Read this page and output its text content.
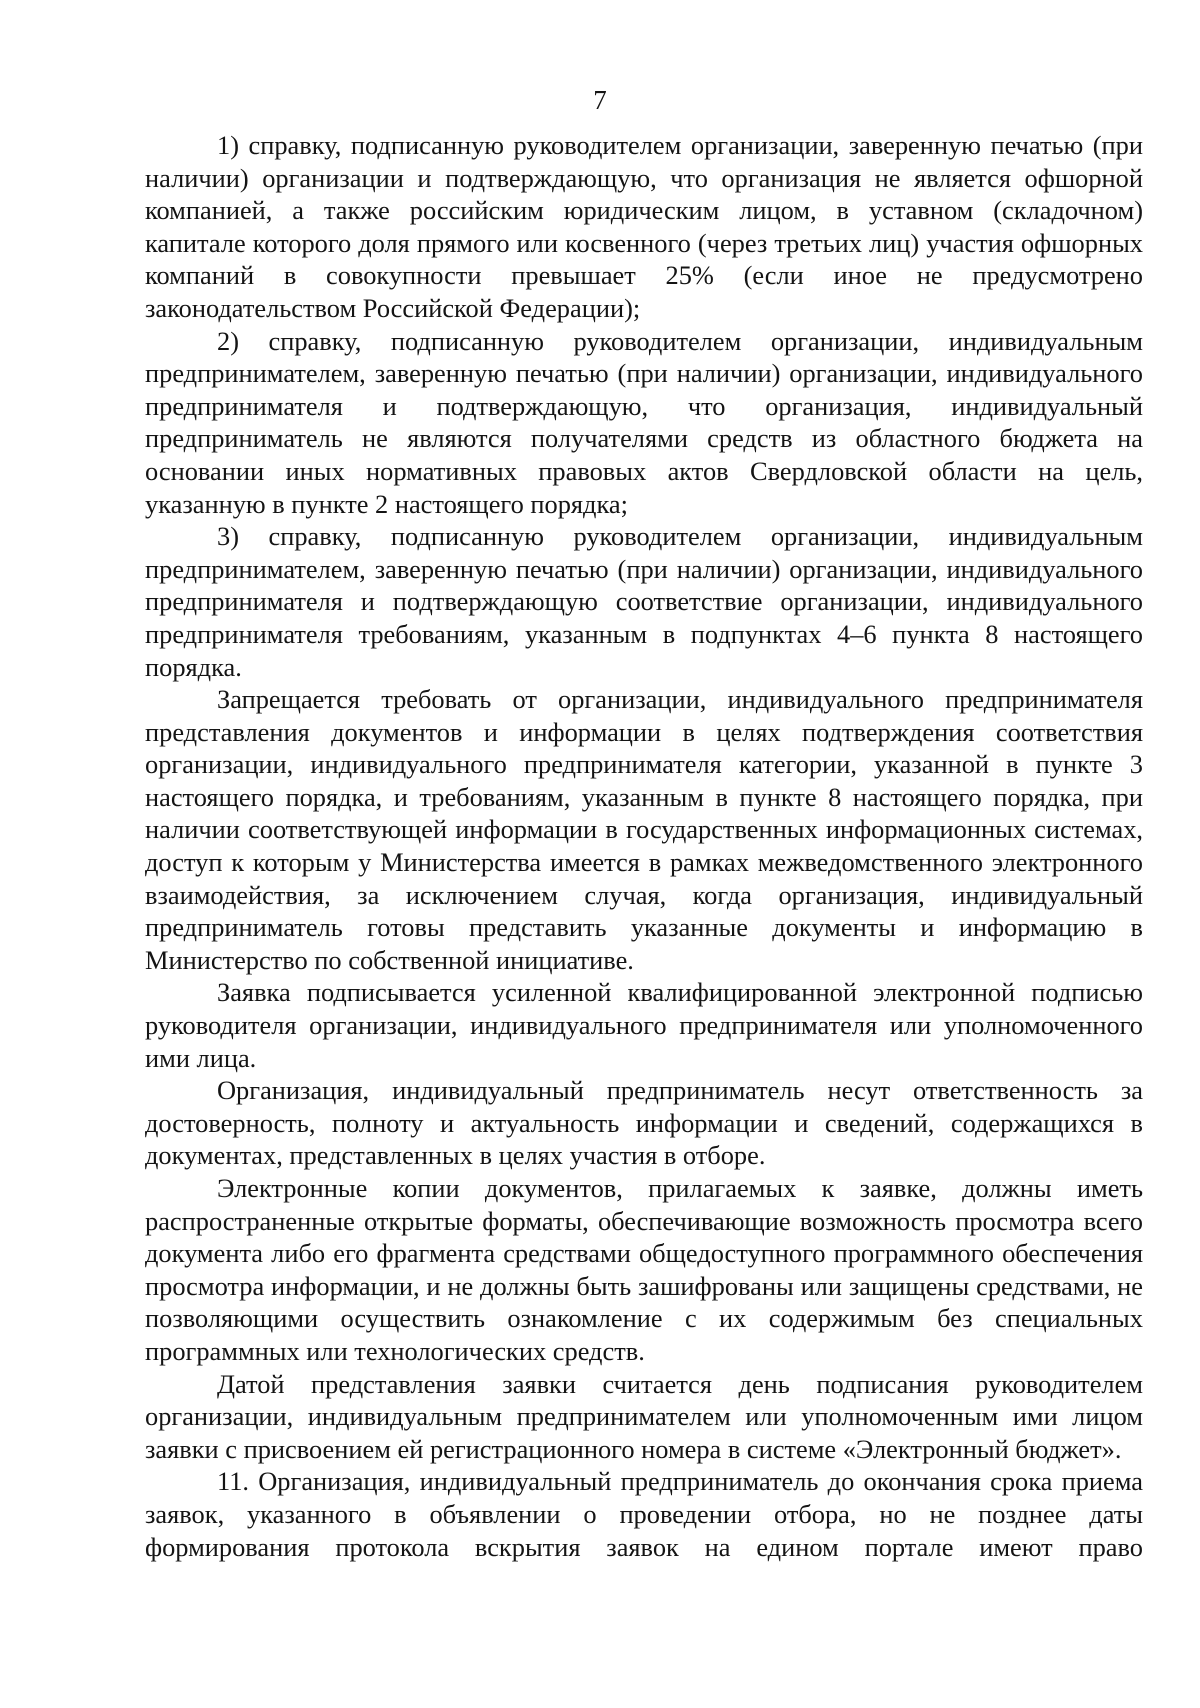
7

1) справку, подписанную руководителем организации, заверенную печатью (при наличии) организации и подтверждающую, что организация не является офшорной компанией, а также российским юридическим лицом, в уставном (складочном) капитале которого доля прямого или косвенного (через третьих лиц) участия офшорных компаний в совокупности превышает 25% (если иное не предусмотрено законодательством Российской Федерации);

2) справку, подписанную руководителем организации, индивидуальным предпринимателем, заверенную печатью (при наличии) организации, индивидуального предпринимателя и подтверждающую, что организация, индивидуальный предприниматель не являются получателями средств из областного бюджета на основании иных нормативных правовых актов Свердловской области на цель, указанную в пункте 2 настоящего порядка;

3) справку, подписанную руководителем организации, индивидуальным предпринимателем, заверенную печатью (при наличии) организации, индивидуального предпринимателя и подтверждающую соответствие организации, индивидуального предпринимателя требованиям, указанным в подпунктах 4–6 пункта 8 настоящего порядка.

Запрещается требовать от организации, индивидуального предпринимателя представления документов и информации в целях подтверждения соответствия организации, индивидуального предпринимателя категории, указанной в пункте 3 настоящего порядка, и требованиям, указанным в пункте 8 настоящего порядка, при наличии соответствующей информации в государственных информационных системах, доступ к которым у Министерства имеется в рамках межведомственного электронного взаимодействия, за исключением случая, когда организация, индивидуальный предприниматель готовы представить указанные документы и информацию в Министерство по собственной инициативе.

Заявка подписывается усиленной квалифицированной электронной подписью руководителя организации, индивидуального предпринимателя или уполномоченного ими лица.

Организация, индивидуальный предприниматель несут ответственность за достоверность, полноту и актуальность информации и сведений, содержащихся в документах, представленных в целях участия в отборе.

Электронные копии документов, прилагаемых к заявке, должны иметь распространенные открытые форматы, обеспечивающие возможность просмотра всего документа либо его фрагмента средствами общедоступного программного обеспечения просмотра информации, и не должны быть зашифрованы или защищены средствами, не позволяющими осуществить ознакомление с их содержимым без специальных программных или технологических средств.

Датой представления заявки считается день подписания руководителем организации, индивидуальным предпринимателем или уполномоченным ими лицом заявки с присвоением ей регистрационного номера в системе «Электронный бюджет».

11. Организация, индивидуальный предприниматель до окончания срока приема заявок, указанного в объявлении о проведении отбора, но не позднее даты формирования протокола вскрытия заявок на едином портале имеют право
